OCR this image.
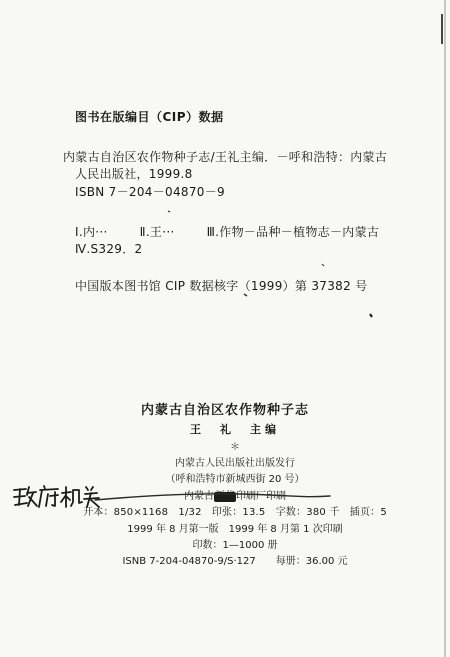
图书在版编目（CIP）数据
内蒙古自治区农作物种子志/王礼主编．－呼和浩特：内蒙古
人民出版社，1999.8
ISBN 7－204－04870－9
Ⅰ.内···	Ⅱ.王···	Ⅲ.作物－品种－植物志－内蒙古
Ⅳ.S329．2
中国版本图书馆 CIP 数据核字（1999）第 37382 号
内蒙古自治区农作物种子志
王　礼　主编
＊
内蒙古人民出版社出版发行
（呼和浩特市新城西街 20 号）
内蒙古新华印刷厂印刷
开本：850×1168　1/32　印张：13.5　字数：380 千　插页：5
1999 年 8 月第一版　1999 年 8 月第 1 次印刷
印数：1—1000 册
ISNB 7-204-04870-9/S·127　　每册：36.00 元
